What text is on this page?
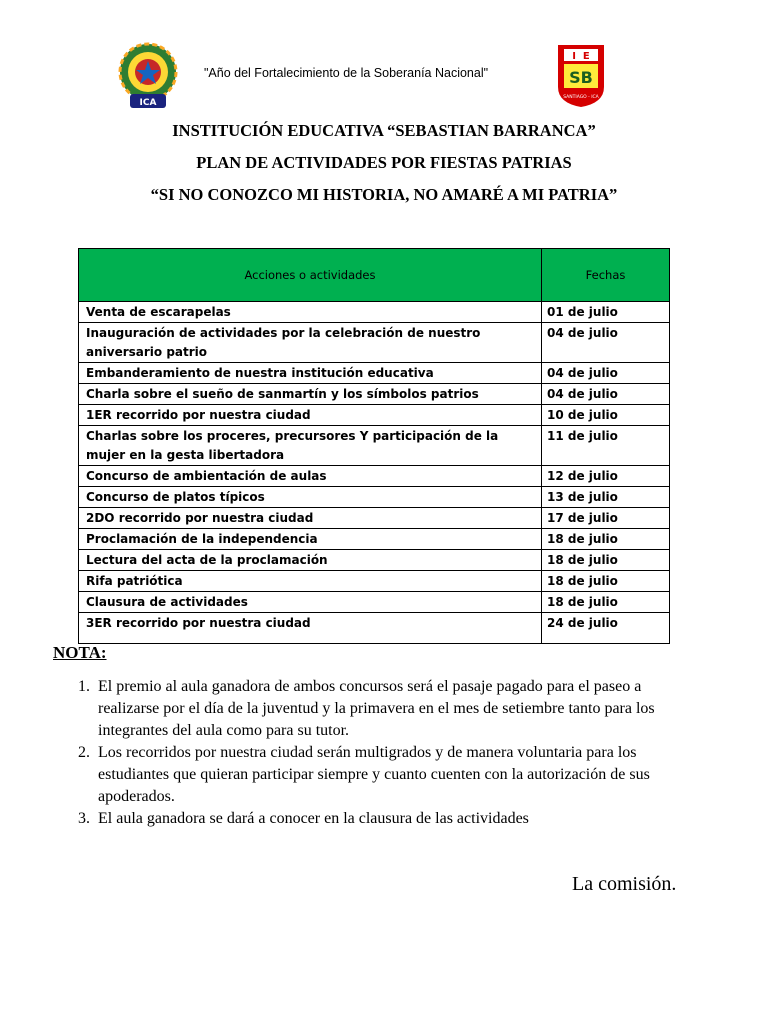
ICA
"Año del Fortalecimiento de la Soberanía Nacional"
I  E
SB
SANTIAGO - ICA
INSTITUCIÓN EDUCATIVA “SEBASTIAN BARRANCA”
PLAN DE ACTIVIDADES POR FIESTAS PATRIAS
“SI NO CONOZCO MI HISTORIA, NO AMARÉ A MI PATRIA”
Acciones o actividades	Fechas
Venta de escarapelas	01 de julio
Inauguración de actividades por la celebración de nuestro aniversario patrio	04 de julio
Embanderamiento de nuestra institución educativa	04 de julio
Charla sobre el sueño de sanmartín y los símbolos patrios	04 de julio
1ER recorrido por nuestra ciudad	10 de julio
Charlas sobre los proceres, precursores Y participación de la mujer en la gesta libertadora	11 de julio
Concurso de ambientación de aulas	12 de julio
Concurso de platos típicos	13 de julio
2DO recorrido por nuestra ciudad	17 de julio
Proclamación de la independencia	18 de julio
Lectura del acta de la proclamación	18 de julio
Rifa patriótica	18 de julio
Clausura de actividades	18 de julio
3ER recorrido por nuestra ciudad	24 de julio
NOTA:
1. El premio al aula ganadora de ambos concursos será el pasaje pagado para el paseo a realizarse por el día de la juventud y la primavera en el mes de setiembre tanto para los integrantes del aula como para su tutor.
2. Los recorridos por nuestra ciudad serán multigrados y de manera voluntaria para los estudiantes que quieran participar siempre y cuanto cuenten con la autorización de sus apoderados.
3. El aula ganadora se dará a conocer en la clausura de las actividades
La comisión.
